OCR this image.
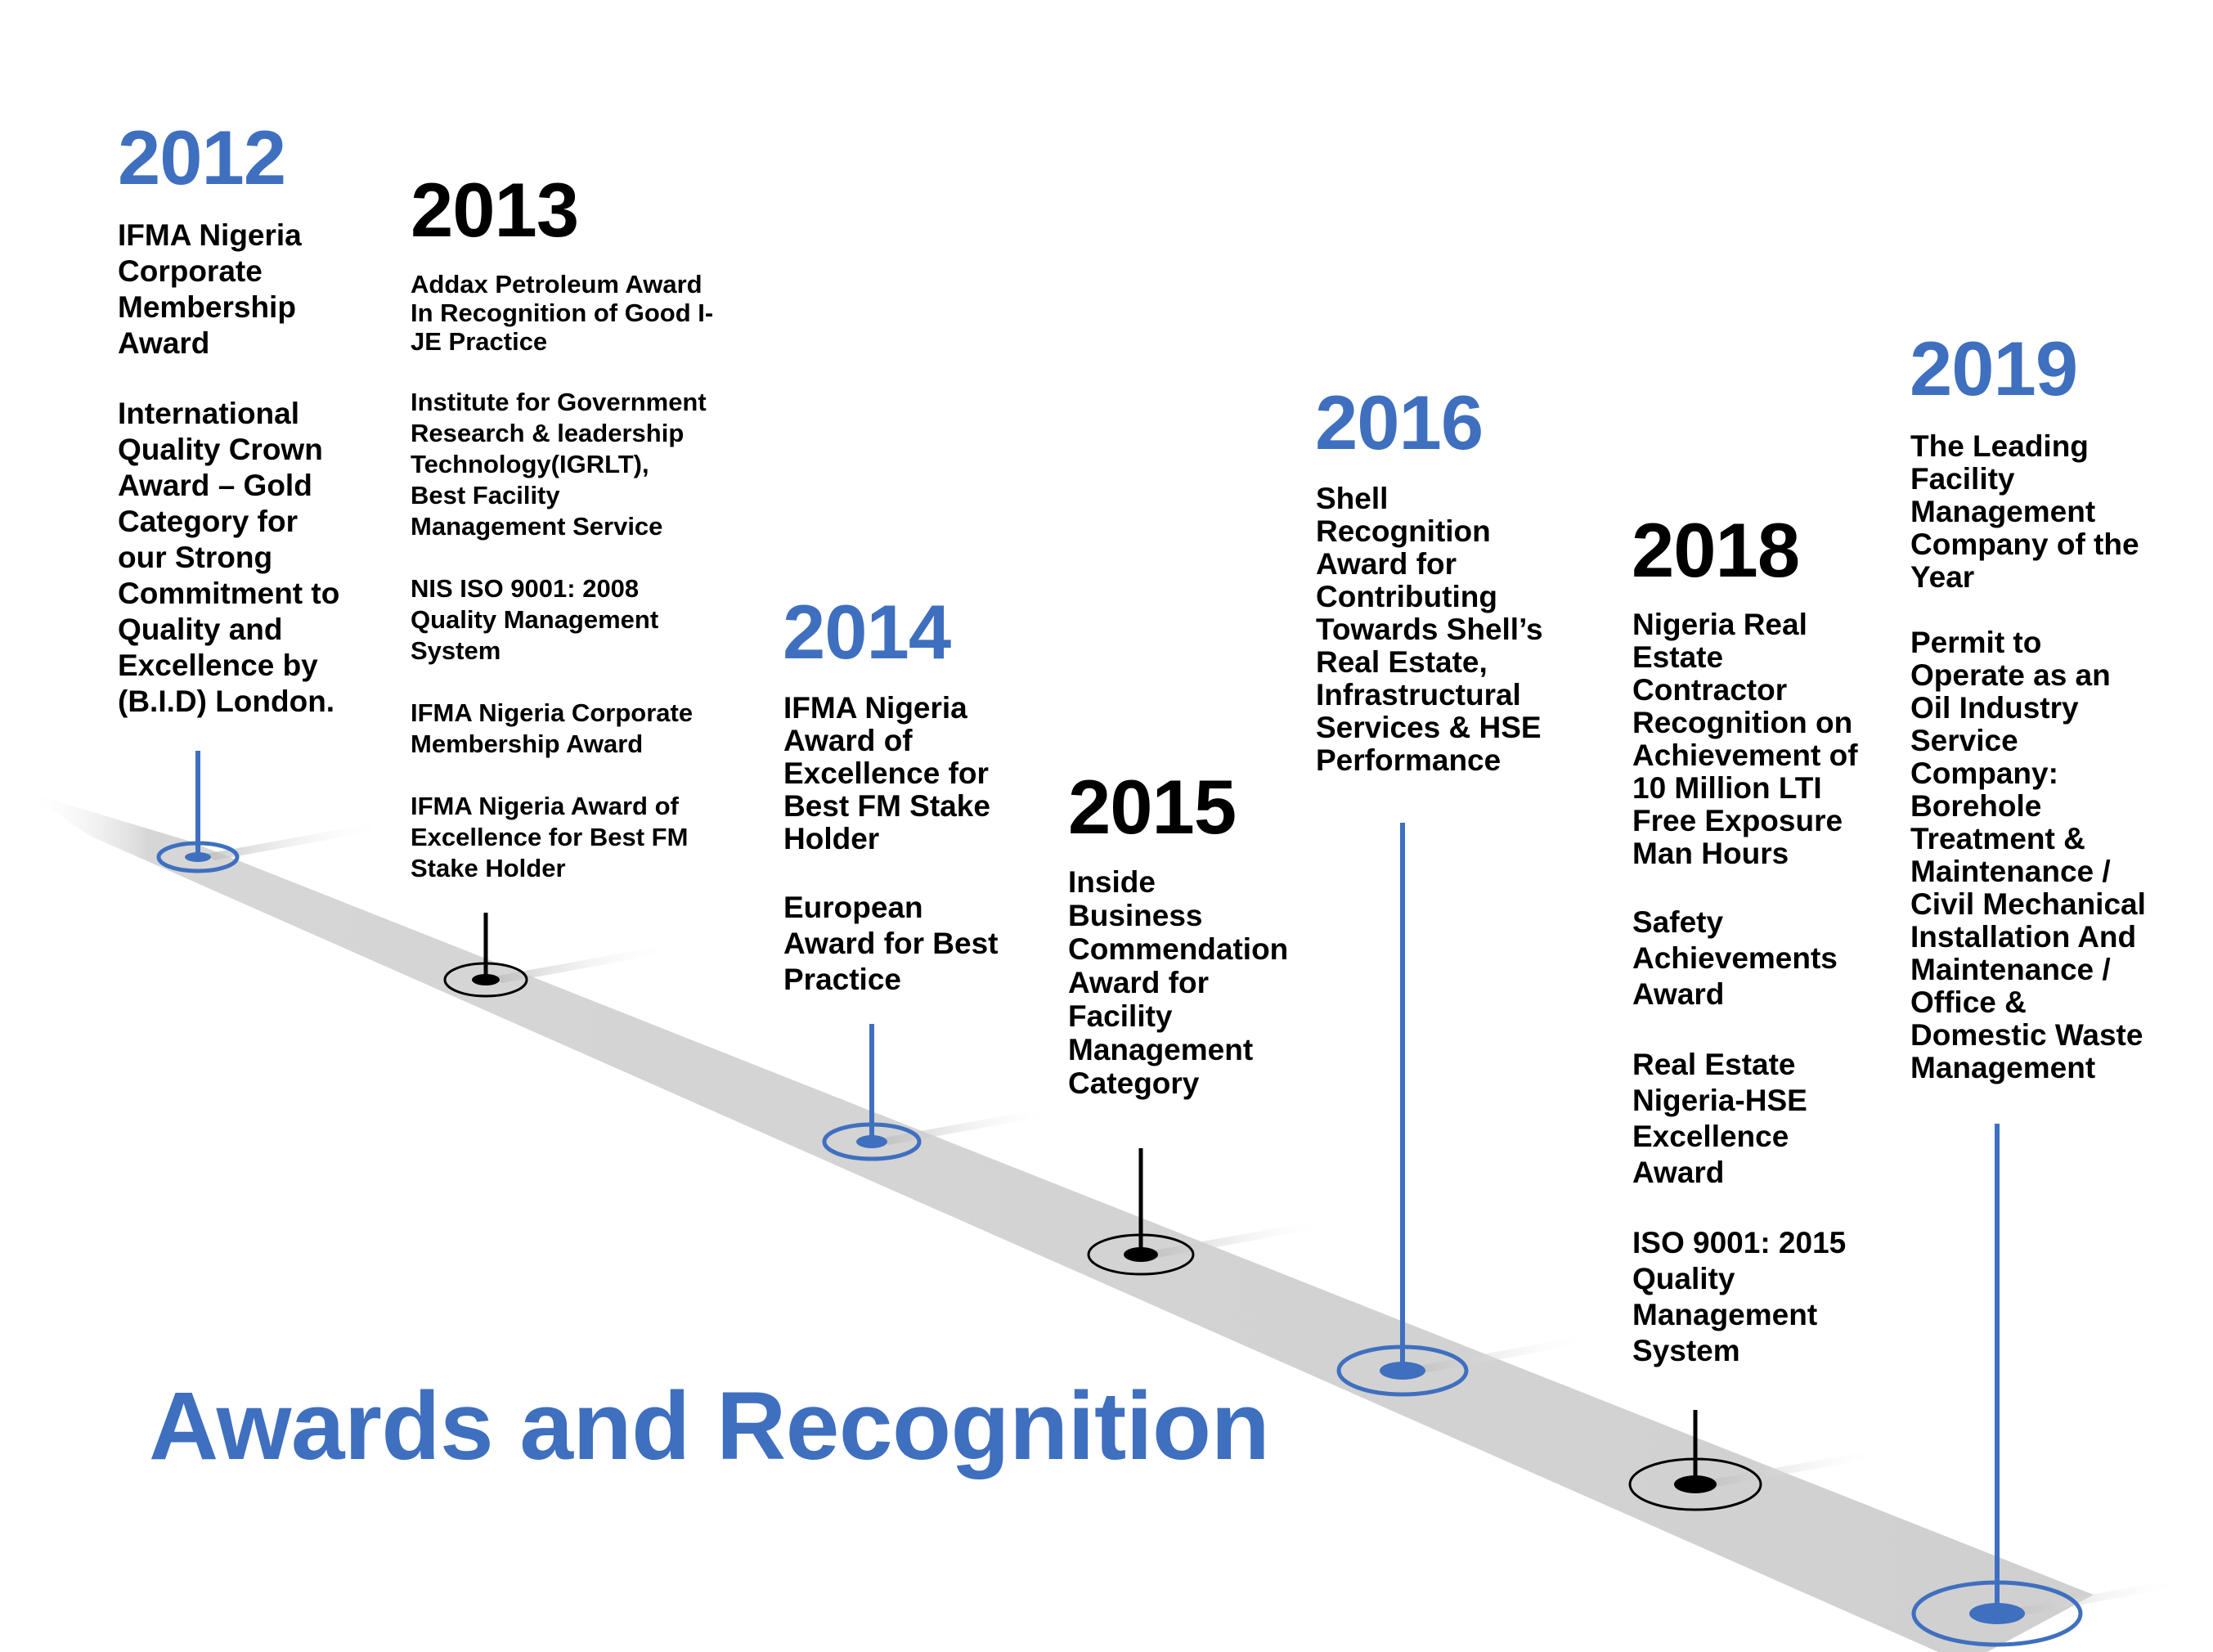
2012

IFMA Nigeria
Corporate
Membership
Award

International
Quality Crown
Award – Gold
Category for
our Strong
Commitment to
Quality and
Excellence by
(B.I.D) London.

2013

Addax Petroleum Award
In Recognition of Good I-
JE Practice

Institute for Government
Research & leadership
Technology(IGRLT),
Best Facility
Management Service

NIS ISO 9001: 2008
Quality Management
System

IFMA Nigeria Corporate
Membership Award

IFMA Nigeria Award of
Excellence for Best FM
Stake Holder

2014

IFMA Nigeria
Award of
Excellence for
Best FM Stake
Holder

European
Award for Best
Practice

2015

Inside
Business
Commendation
Award for
Facility
Management
Category

2016

Shell
Recognition
Award for
Contributing
Towards Shell’s
Real Estate,
Infrastructural
Services & HSE
Performance

2018

Nigeria Real
Estate
Contractor
Recognition on
Achievement of
10 Million LTI
Free Exposure
Man Hours

Safety
Achievements
Award

Real Estate
Nigeria-HSE
Excellence
Award

ISO 9001: 2015
Quality
Management
System

2019

The Leading
Facility
Management
Company of the
Year

Permit to
Operate as an
Oil Industry
Service
Company:
Borehole
Treatment &
Maintenance /
Civil Mechanical
Installation And
Maintenance /
Office &
Domestic Waste
Management

Awards and Recognition
